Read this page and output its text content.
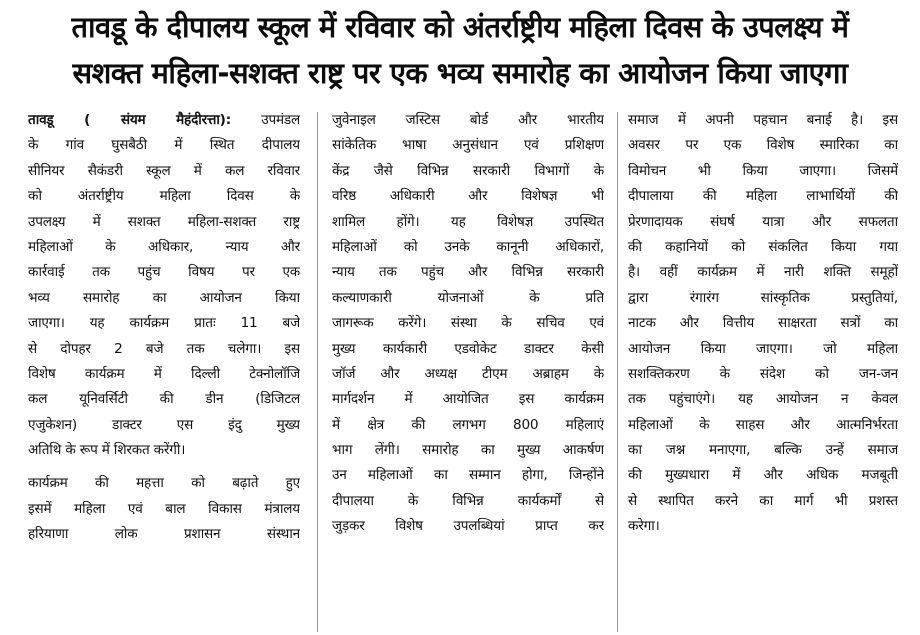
तावडू के दीपालय स्कूल में रविवार को अंतर्राष्ट्रीय महिला दिवस के उपलक्ष्य में
सशक्त महिला-सशक्त राष्ट्र पर एक भव्य समारोह का आयोजन किया जाएगा
तावडू ( संयम मैहंदीरत्ता): उपमंडल
के गांव घुसबैठी में स्थित दीपालय
सीनियर सैकंडरी स्कूल में कल रविवार
को अंतर्राष्ट्रीय महिला दिवस के
उपलक्ष्य में सशक्त महिला-सशक्त राष्ट्र
महिलाओं के अधिकार, न्याय और
कार्रवाई तक पहुंच विषय पर एक
भव्य समारोह का आयोजन किया
जाएगा। यह कार्यक्रम प्रातः 11 बजे
से दोपहर 2 बजे तक चलेगा। इस
विशेष कार्यक्रम में दिल्ली टेक्नोलॉजि
कल यूनिवर्सिटी की डीन (डिजिटल
एजुकेशन) डाक्टर एस इंदु मुख्य
अतिथि के रूप में शिरकत करेंगी।
कार्यक्रम की महत्ता को बढ़ाते हुए
इसमें महिला एवं बाल विकास मंत्रालय
हरियाणा लोक प्रशासन संस्थान
जुवेनाइल जस्टिस बोर्ड और भारतीय
सांकेतिक भाषा अनुसंधान एवं प्रशिक्षण
केंद्र जैसे विभिन्न सरकारी विभागों के
वरिष्ठ अधिकारी और विशेषज्ञ भी
शामिल होंगे। यह विशेषज्ञ उपस्थित
महिलाओं को उनके कानूनी अधिकारों,
न्याय तक पहुंच और विभिन्न सरकारी
कल्याणकारी योजनाओं के प्रति
जागरूक करेंगे। संस्था के सचिव एवं
मुख्य कार्यकारी एडवोकेट डाक्टर केसी
जॉर्ज और अध्यक्ष टीएम अब्राहम के
मार्गदर्शन में आयोजित इस कार्यक्रम
में क्षेत्र की लगभग 800 महिलाएं
भाग लेंगी। समारोह का मुख्य आकर्षण
उन महिलाओं का सम्मान होगा, जिन्होंने
दीपालया के विभिन्न कार्यकर्मों से
जुड़कर विशेष उपलब्धियां प्राप्त कर
समाज में अपनी पहचान बनाई है। इस
अवसर पर एक विशेष स्मारिका का
विमोचन भी किया जाएगा। जिसमें
दीपालाया की महिला लाभार्थियों की
प्रेरणादायक संघर्ष यात्रा और सफलता
की कहानियों को संकलित किया गया
है। वहीं कार्यक्रम में नारी शक्ति समूहों
द्वारा रंगारंग सांस्कृतिक प्रस्तुतियां,
नाटक और वित्तीय साक्षरता सत्रों का
आयोजन किया जाएगा। जो महिला
सशक्तिकरण के संदेश को जन-जन
तक पहुंचाएंगे। यह आयोजन न केवल
महिलाओं के साहस और आत्मनिर्भरता
का जश्न मनाएगा, बल्कि उन्हें समाज
की मुख्यधारा में और अधिक मजबूती
से स्थापित करने का मार्ग भी प्रशस्त
करेगा।
